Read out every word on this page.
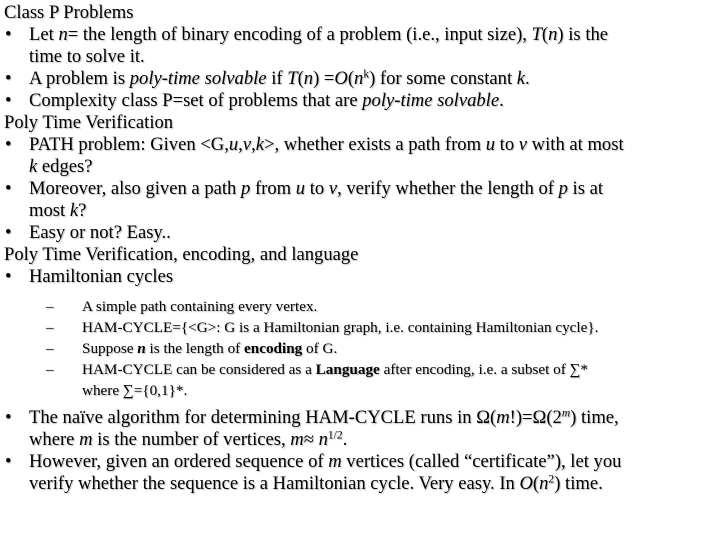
Class P Problems
• Let n= the length of binary encoding of a problem (i.e., input size), T(n) is the
time to solve it.
• A problem is poly-time solvable if $T(n) =O(n^k)$ for some constant k.
• Complexity class P=set of problems that are poly-time solvable.
Poly Time Verification
• PATH problem: Given <G,u,v,k>, whether exists a path from u to v with at most
k edges?
• Moreover, also given a path p from u to v, verify whether the length of p is at
most k?
• Easy or not? Easy..
Poly Time Verification, encoding, and language
• Hamiltonian cycles
– A simple path containing every vertex.
– HAM-CYCLE={<G>: G is a Hamiltonian graph, i.e. containing Hamiltonian cycle}.
– Suppose n is the length of encoding of G.
– HAM-CYCLE can be considered as a Language after encoding, i.e. a subset of ∑*
where ∑={0,1}*.
• The naïve algorithm for determining HAM-CYCLE runs in $\Omega(m!)=\Omega(2^m)$ time,
where m is the number of vertices, $m\approx n^{1/2}$.
• However, given an ordered sequence of m vertices (called “certificate”), let you
verify whether the sequence is a Hamiltonian cycle. Very easy. In $O(n^2)$ time.
